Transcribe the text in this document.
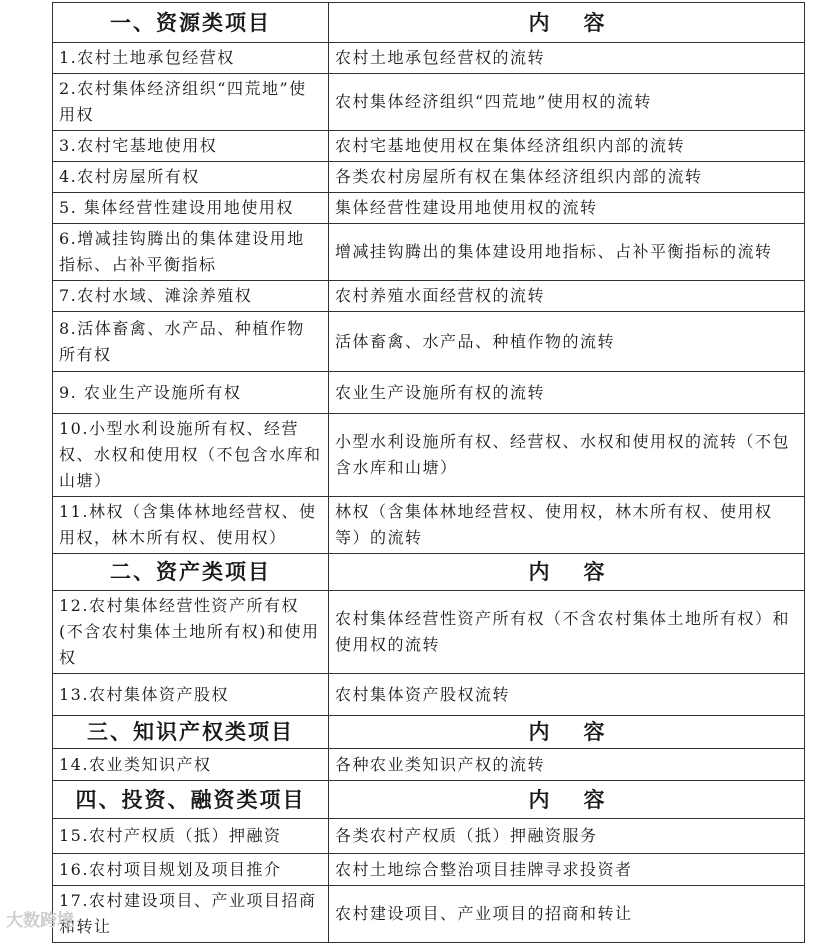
一、资源类项目	内容
1.农村土地承包经营权	农村土地承包经营权的流转
2.农村集体经济组织“四荒地”使用权	农村集体经济组织“四荒地”使用权的流转
3.农村宅基地使用权	农村宅基地使用权在集体经济组织内部的流转
4.农村房屋所有权	各类农村房屋所有权在集体经济组织内部的流转
5. 集体经营性建设用地使用权	集体经营性建设用地使用权的流转
6.增减挂钩腾出的集体建设用地指标、占补平衡指标	增减挂钩腾出的集体建设用地指标、占补平衡指标的流转
7.农村水域、滩涂养殖权	农村养殖水面经营权的流转
8.活体畜禽、水产品、种植作物所有权	活体畜禽、水产品、种植作物的流转
9. 农业生产设施所有权	农业生产设施所有权的流转
10.小型水利设施所有权、经营权、水权和使用权（不包含水库和山塘）	小型水利设施所有权、经营权、水权和使用权的流转（不包含水库和山塘）
11.林权（含集体林地经营权、使用权，林木所有权、使用权）	林权（含集体林地经营权、使用权，林木所有权、使用权等）的流转
二、资产类项目	内容
12.农村集体经营性资产所有权(不含农村集体土地所有权)和使用权	农村集体经营性资产所有权（不含农村集体土地所有权）和使用权的流转
13.农村集体资产股权	农村集体资产股权流转
三、知识产权类项目	内容
14.农业类知识产权	各种农业类知识产权的流转
四、投资、融资类项目	内容
15.农村产权质（抵）押融资	各类农村产权质（抵）押融资服务
16.农村项目规划及项目推介	农村土地综合整治项目挂牌寻求投资者
17.农村建设项目、产业项目招商和转让	农村建设项目、产业项目的招商和转让
大数跨境
